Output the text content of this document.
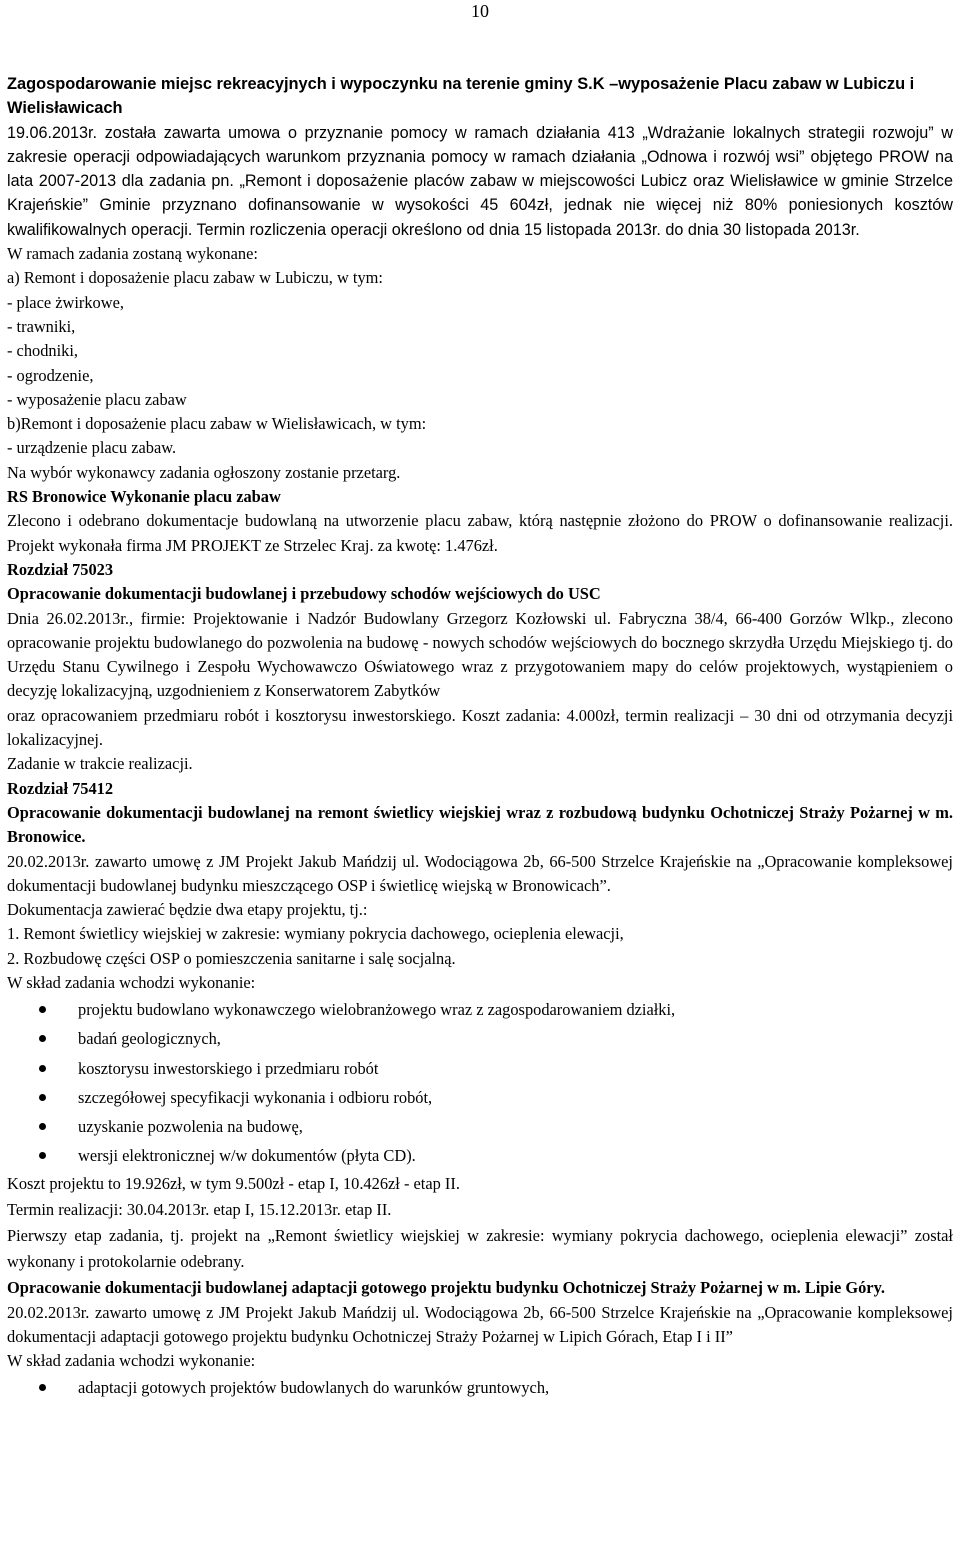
10

Zagospodarowanie miejsc rekreacyjnych i wypoczynku na terenie gminy S.K –wyposażenie Placu zabaw w Lubiczu i Wielisławicach

19.06.2013r. została zawarta umowa o przyznanie pomocy w ramach działania 413 „Wdrażanie lokalnych strategii rozwoju” w zakresie operacji odpowiadających warunkom przyznania pomocy w ramach działania „Odnowa i rozwój wsi” objętego PROW na lata 2007-2013 dla zadania pn. „Remont i doposażenie placów zabaw w miejscowości Lubicz oraz Wielisławice w gminie Strzelce Krajeńskie” Gminie przyznano dofinansowanie w wysokości 45 604zł, jednak nie więcej niż 80% poniesionych kosztów kwalifikowalnych operacji. Termin rozliczenia operacji określono od dnia 15 listopada 2013r. do dnia 30 listopada 2013r.

W ramach zadania zostaną wykonane:

a) Remont i doposażenie placu zabaw w Lubiczu, w tym:

- place żwirkowe,

- trawniki,

- chodniki,

- ogrodzenie,

- wyposażenie placu zabaw

b)Remont i doposażenie placu zabaw w Wielisławicach, w tym:

- urządzenie placu zabaw.

Na wybór wykonawcy zadania ogłoszony zostanie przetarg.

RS Bronowice Wykonanie placu zabaw

Zlecono i odebrano dokumentacje budowlaną na utworzenie placu zabaw, którą następnie złożono do PROW o dofinansowanie realizacji. Projekt wykonała firma JM PROJEKT ze Strzelec Kraj. za kwotę: 1.476zł.

Rozdział 75023

Opracowanie dokumentacji budowlanej i przebudowy schodów wejściowych do USC

Dnia 26.02.2013r., firmie: Projektowanie i Nadzór Budowlany Grzegorz Kozłowski ul. Fabryczna 38/4, 66-400 Gorzów Wlkp., zlecono opracowanie projektu budowlanego do pozwolenia na budowę - nowych schodów wejściowych do bocznego skrzydła Urzędu Miejskiego tj. do Urzędu Stanu Cywilnego i Zespołu Wychowawczo Oświatowego wraz z przygotowaniem mapy do celów projektowych, wystąpieniem o decyzję lokalizacyjną, uzgodnieniem z Konserwatorem Zabytków

oraz opracowaniem przedmiaru robót i kosztorysu inwestorskiego. Koszt zadania: 4.000zł, termin realizacji – 30 dni od otrzymania decyzji lokalizacyjnej.

Zadanie w trakcie realizacji.

Rozdział 75412

Opracowanie dokumentacji budowlanej na remont świetlicy wiejskiej wraz z rozbudową budynku Ochotniczej Straży Pożarnej w m. Bronowice.

20.02.2013r. zawarto umowę z JM Projekt Jakub Mańdzij ul. Wodociągowa 2b, 66-500 Strzelce Krajeńskie na „Opracowanie kompleksowej dokumentacji budowlanej budynku mieszczącego OSP i świetlicę wiejską w Bronowicach”.

Dokumentacja zawierać będzie dwa etapy projektu, tj.:

1. Remont świetlicy wiejskiej w zakresie: wymiany pokrycia dachowego, ocieplenia elewacji,

2. Rozbudowę części OSP o pomieszczenia sanitarne i salę socjalną.

W skład zadania wchodzi wykonanie:

projektu budowlano wykonawczego wielobranżowego wraz z zagospodarowaniem działki,
badań geologicznych,
kosztorysu inwestorskiego i przedmiaru robót
szczegółowej specyfikacji wykonania i odbioru robót,
uzyskanie pozwolenia na budowę,
wersji elektronicznej w/w dokumentów (płyta CD).

Koszt projektu to 19.926zł, w tym 9.500zł - etap I, 10.426zł - etap II.

Termin realizacji: 30.04.2013r. etap I, 15.12.2013r. etap II.

Pierwszy etap zadania, tj. projekt na „Remont świetlicy wiejskiej w zakresie: wymiany pokrycia dachowego, ocieplenia elewacji” został wykonany i protokolarnie odebrany.

Opracowanie dokumentacji budowlanej adaptacji gotowego projektu budynku Ochotniczej Straży Pożarnej w m. Lipie Góry.

20.02.2013r. zawarto umowę z JM Projekt Jakub Mańdzij ul. Wodociągowa 2b, 66-500 Strzelce Krajeńskie na „Opracowanie kompleksowej dokumentacji adaptacji gotowego projektu budynku Ochotniczej Straży Pożarnej w Lipich Górach, Etap I i II”

W skład zadania wchodzi wykonanie:

adaptacji gotowych projektów budowlanych do warunków gruntowych,
